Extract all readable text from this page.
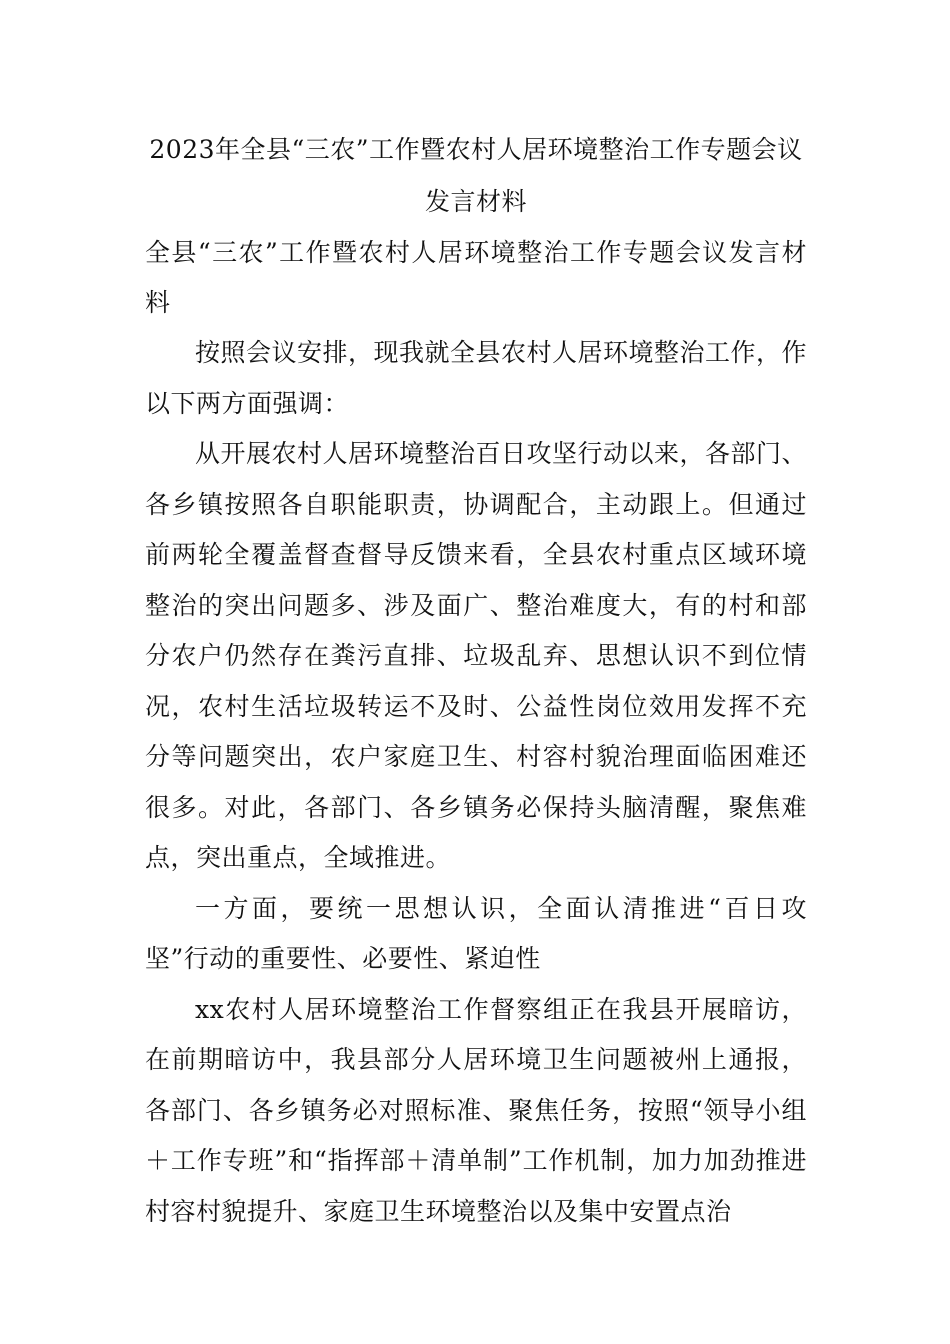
2023年全县“三农”工作暨农村人居环境整治工作专题会议发言材料

全县“三农”工作暨农村人居环境整治工作专题会议发言材料

按照会议安排，现我就全县农村人居环境整治工作，作以下两方面强调：

从开展农村人居环境整治百日攻坚行动以来，各部门、各乡镇按照各自职能职责，协调配合，主动跟上。但通过前两轮全覆盖督查督导反馈来看，全县农村重点区域环境整治的突出问题多、涉及面广、整治难度大，有的村和部分农户仍然存在粪污直排、垃圾乱弃、思想认识不到位情况，农村生活垃圾转运不及时、公益性岗位效用发挥不充分等问题突出，农户家庭卫生、村容村貌治理面临困难还很多。对此，各部门、各乡镇务必保持头脑清醒，聚焦难点，突出重点，全域推进。

一方面，要统一思想认识，全面认清推进“百日攻坚”行动的重要性、必要性、紧迫性

xx农村人居环境整治工作督察组正在我县开展暗访，在前期暗访中，我县部分人居环境卫生问题被州上通报，各部门、各乡镇务必对照标准、聚焦任务，按照“领导小组＋工作专班”和“指挥部＋清单制”工作机制，加力加劲推进村容村貌提升、家庭卫生环境整治以及集中安置点治
